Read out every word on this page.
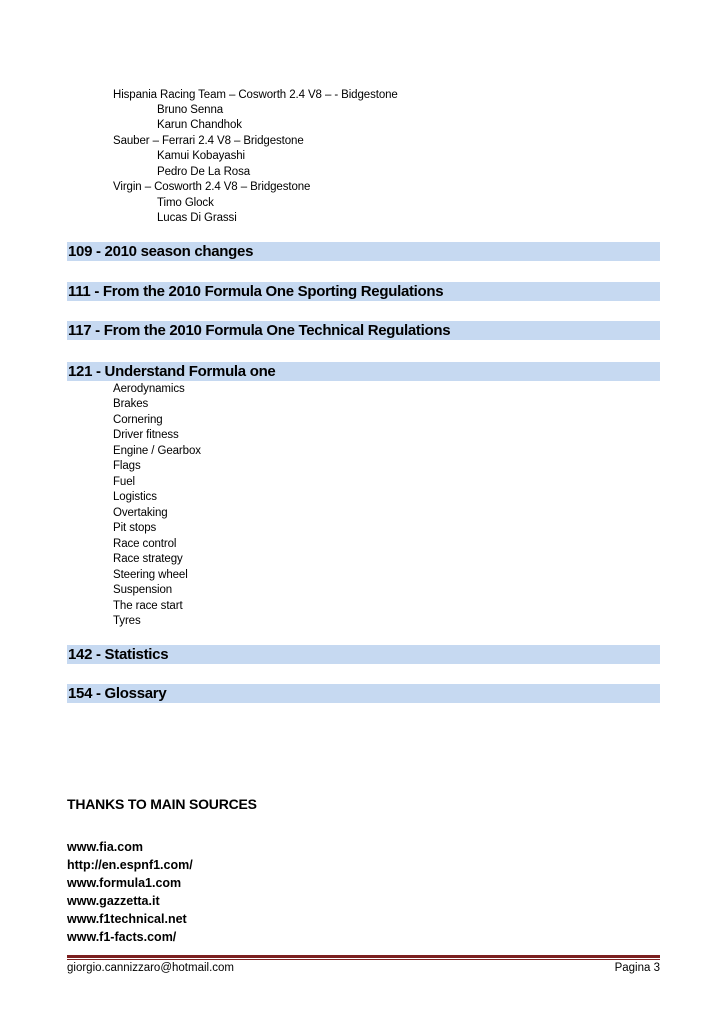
Hispania Racing Team – Cosworth 2.4 V8 – - Bidgestone
Bruno Senna
Karun Chandhok
Sauber – Ferrari 2.4 V8 – Bridgestone
Kamui Kobayashi
Pedro De La Rosa
Virgin – Cosworth 2.4 V8 – Bridgestone
Timo Glock
Lucas Di Grassi
109 - 2010 season changes
111 - From the 2010 Formula One Sporting Regulations
117 - From the 2010 Formula One Technical Regulations
121 - Understand Formula one
Aerodynamics
Brakes
Cornering
Driver fitness
Engine / Gearbox
Flags
Fuel
Logistics
Overtaking
Pit stops
Race control
Race strategy
Steering wheel
Suspension
The race start
Tyres
142 - Statistics
154 - Glossary
THANKS TO MAIN SOURCES
www.fia.com
http://en.espnf1.com/
www.formula1.com
www.gazzetta.it
www.f1technical.net
www.f1-facts.com/
giorgio.cannizzaro@hotmail.com	Pagina 3
